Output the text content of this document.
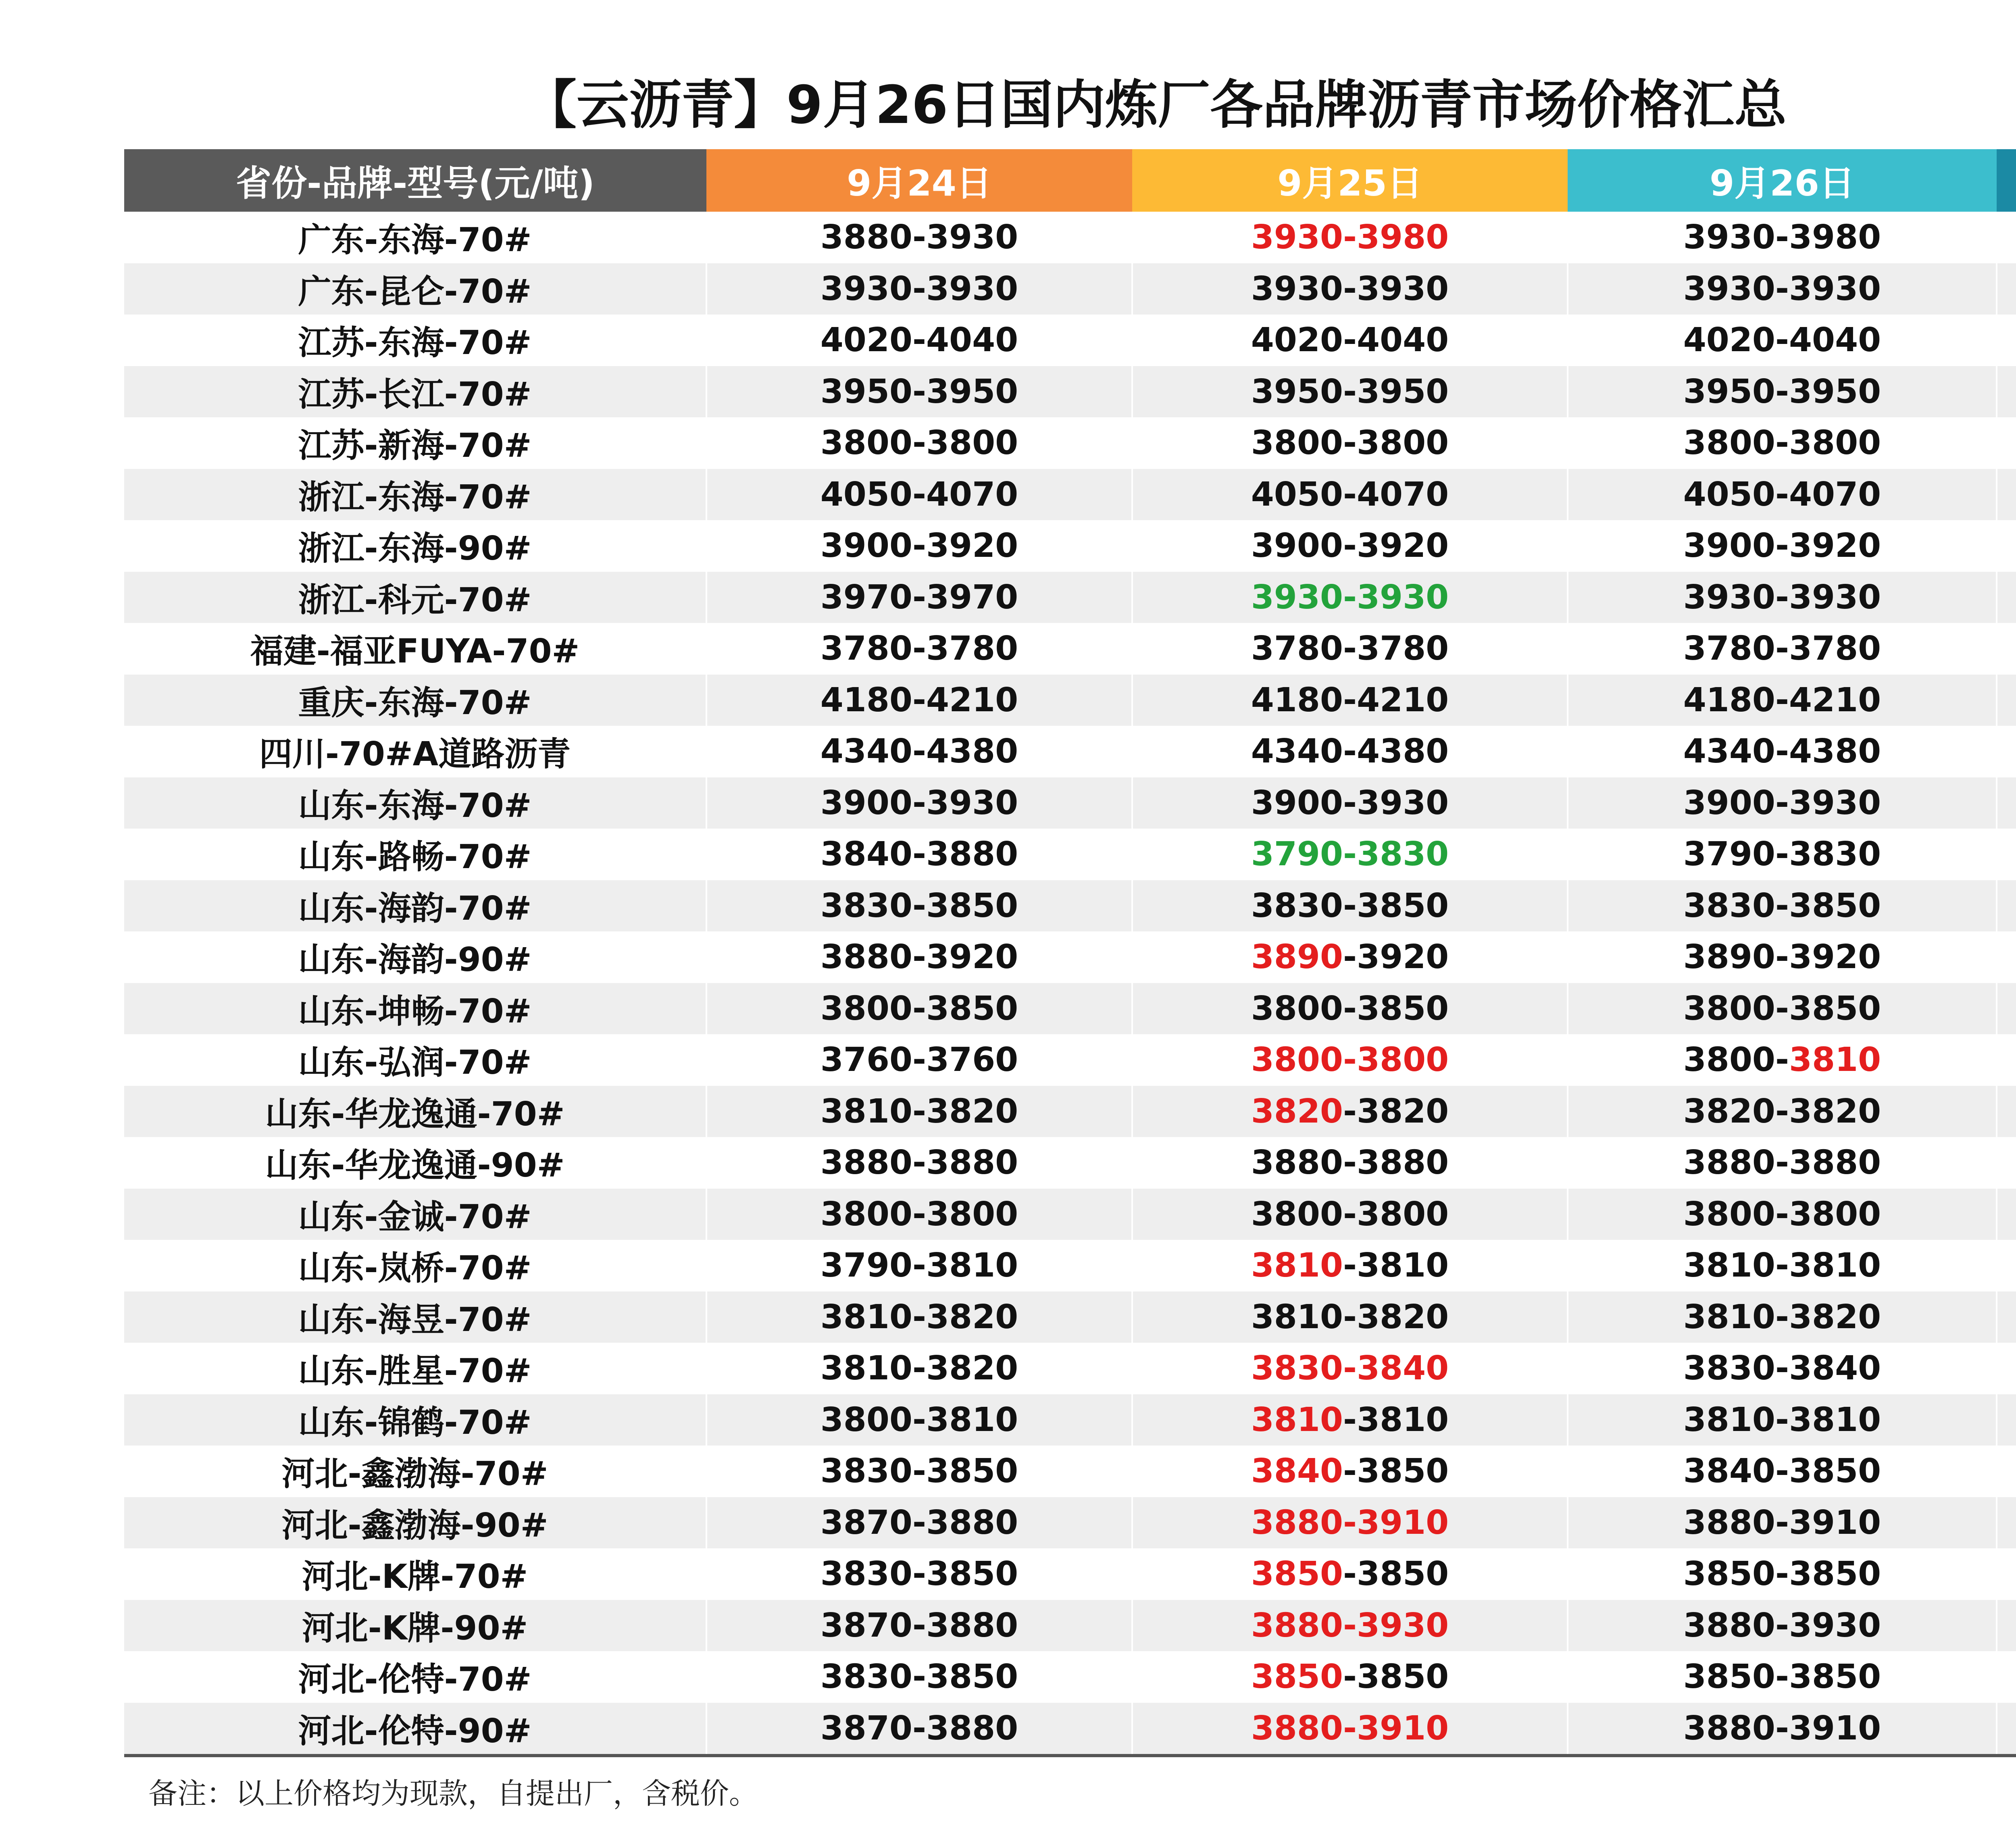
【云沥青】9月26日国内炼厂各品牌沥青市场价格汇总
省份-品牌-型号(元/吨)	9月24日	9月25日	9月26日	
广东-东海-70#	3880-3930	3930-3980	3930-3980	
广东-昆仑-70#	3930-3930	3930-3930	3930-3930	
江苏-东海-70#	4020-4040	4020-4040	4020-4040	
江苏-长江-70#	3950-3950	3950-3950	3950-3950	
江苏-新海-70#	3800-3800	3800-3800	3800-3800	
浙江-东海-70#	4050-4070	4050-4070	4050-4070	
浙江-东海-90#	3900-3920	3900-3920	3900-3920	
浙江-科元-70#	3970-3970	3930-3930	3930-3930	
福建-福亚FUYA-70#	3780-3780	3780-3780	3780-3780	
重庆-东海-70#	4180-4210	4180-4210	4180-4210	
四川-70#A道路沥青	4340-4380	4340-4380	4340-4380	
山东-东海-70#	3900-3930	3900-3930	3900-3930	
山东-路畅-70#	3840-3880	3790-3830	3790-3830	
山东-海韵-70#	3830-3850	3830-3850	3830-3850	
山东-海韵-90#	3880-3920	3890-3920	3890-3920	
山东-坤畅-70#	3800-3850	3800-3850	3800-3850	
山东-弘润-70#	3760-3760	3800-3800	3800-3810	
山东-华龙逸通-70#	3810-3820	3820-3820	3820-3820	
山东-华龙逸通-90#	3880-3880	3880-3880	3880-3880	
山东-金诚-70#	3800-3800	3800-3800	3800-3800	
山东-岚桥-70#	3790-3810	3810-3810	3810-3810	
山东-海昱-70#	3810-3820	3810-3820	3810-3820	
山东-胜星-70#	3810-3820	3830-3840	3830-3840	
山东-锦鹤-70#	3800-3810	3810-3810	3810-3810	
河北-鑫渤海-70#	3830-3850	3840-3850	3840-3850	
河北-鑫渤海-90#	3870-3880	3880-3910	3880-3910	
河北-K牌-70#	3830-3850	3850-3850	3850-3850	
河北-K牌-90#	3870-3880	3880-3930	3880-3930	
河北-伦特-70#	3830-3850	3850-3850	3850-3850	
河北-伦特-90#	3870-3880	3880-3910	3880-3910	
备注：以上价格均为现款，自提出厂，含税价。
